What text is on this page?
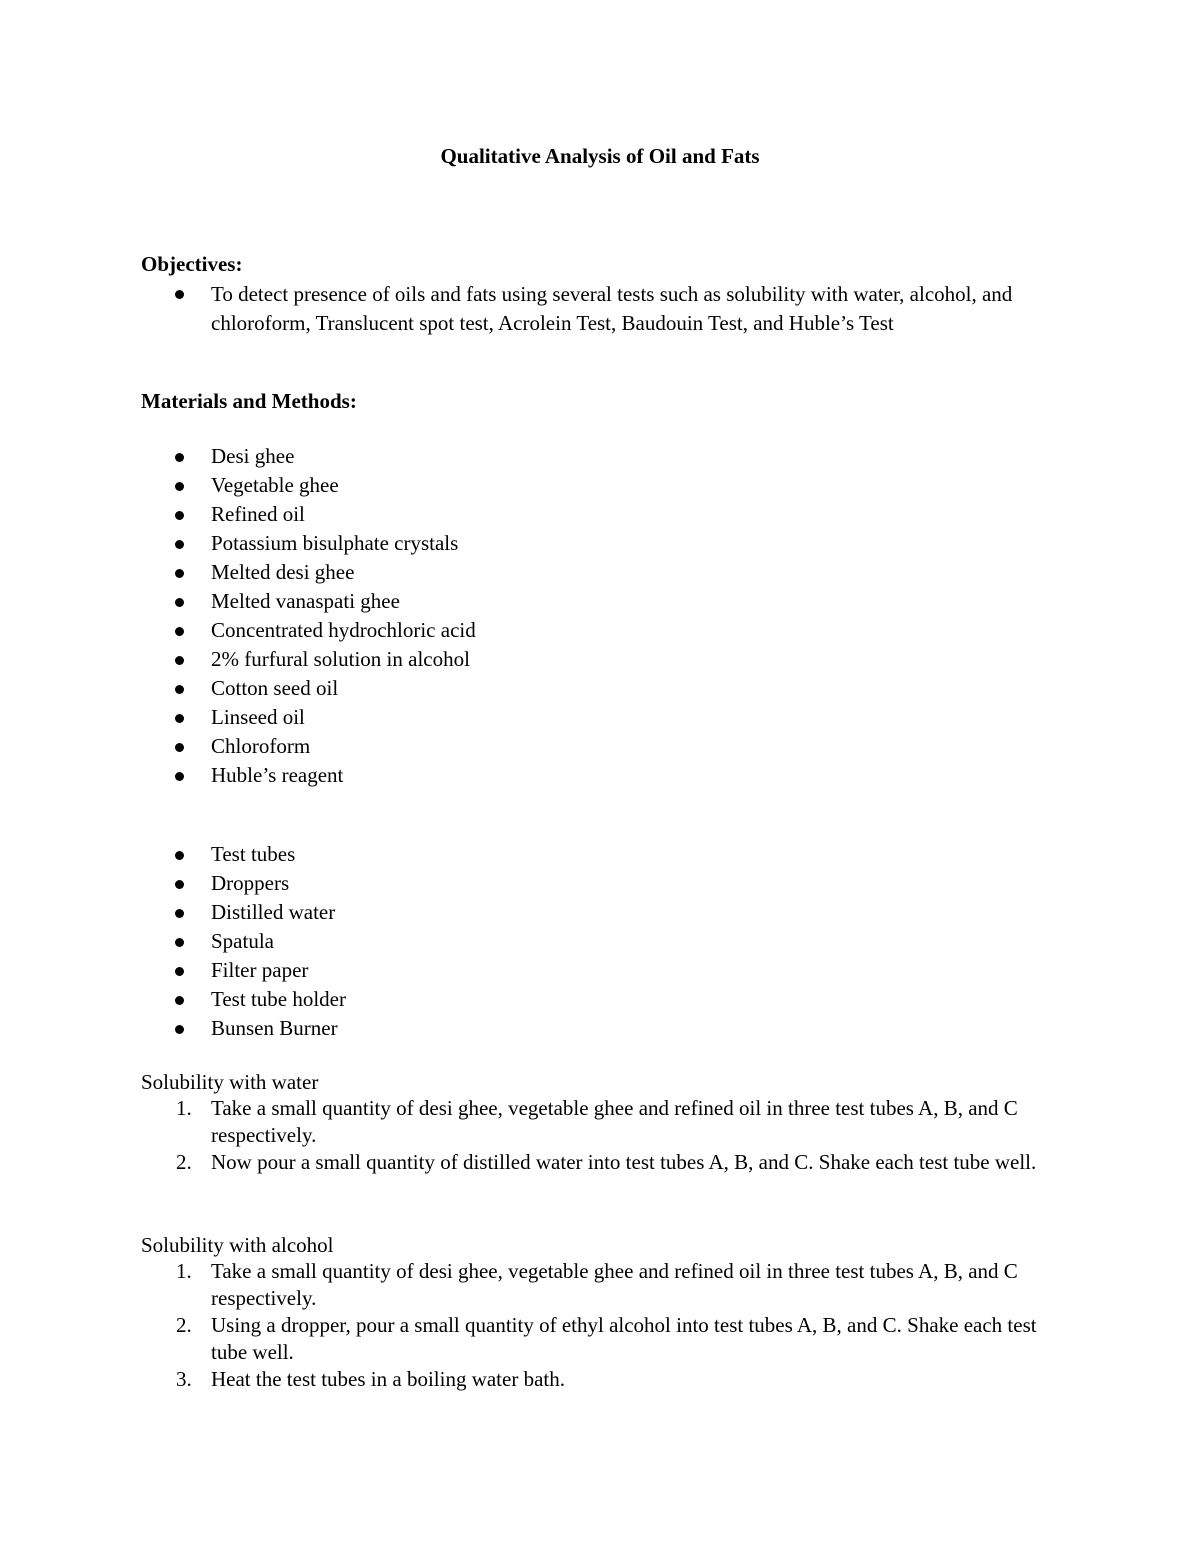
Qualitative Analysis of Oil and Fats
Objectives:
To detect presence of oils and fats using several tests such as solubility with water, alcohol, and chloroform, Translucent spot test, Acrolein Test, Baudouin Test, and Huble’s Test
Materials and Methods:
Desi ghee
Vegetable ghee
Refined oil
Potassium bisulphate crystals
Melted desi ghee
Melted vanaspati ghee
Concentrated hydrochloric acid
2% furfural solution in alcohol
Cotton seed oil
Linseed oil
Chloroform
Huble’s reagent
Test tubes
Droppers
Distilled water
Spatula
Filter paper
Test tube holder
Bunsen Burner
Solubility with water
1. Take a small quantity of desi ghee, vegetable ghee and refined oil in three test tubes A, B, and C respectively.
2. Now pour a small quantity of distilled water into test tubes A, B, and C. Shake each test tube well.
Solubility with alcohol
1. Take a small quantity of desi ghee, vegetable ghee and refined oil in three test tubes A, B, and C respectively.
2. Using a dropper, pour a small quantity of ethyl alcohol into test tubes A, B, and C. Shake each test tube well.
3. Heat the test tubes in a boiling water bath.
